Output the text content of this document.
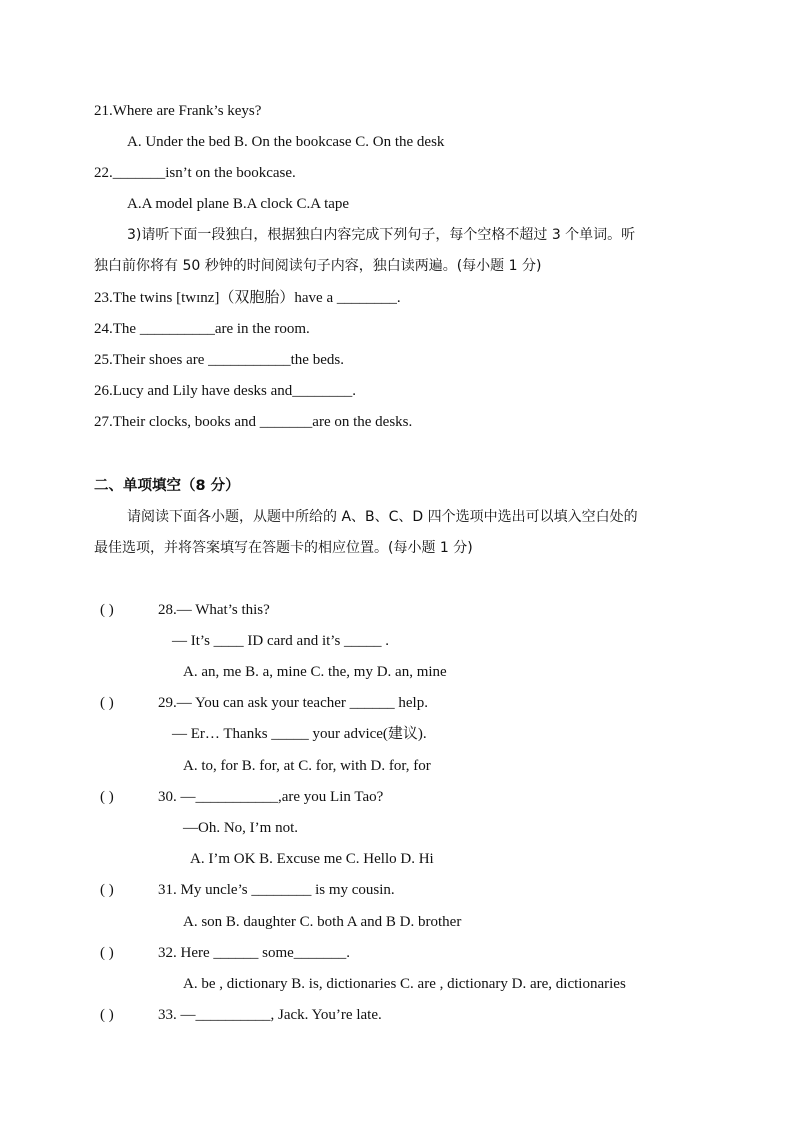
21.Where are Frank’s keys?
A. Under the bed B. On the bookcase C. On the desk
22._______isn’t on the bookcase.
A.A model plane B.A clock C.A tape
3)请听下面一段独白，根据独白内容完成下列句子，每个空格不超过 3 个单词。听
独白前你将有 50 秒钟的时间阅读句子内容，独白读两遍。(每小题 1 分)
23.The twins [twɪnz]（双胞胎）have a ________.
24.The __________are in the room.
25.Their shoes are ___________the beds.
26.Lucy and Lily have desks and________.
27.Their clocks, books and _______are on the desks.
二、单项填空（8 分）
请阅读下面各小题，从题中所给的 A、B、C、D 四个选项中选出可以填入空白处的
最佳选项，并将答案填写在答题卡的相应位置。(每小题 1 分)
( )	28.— What’s this?
— It’s ____ ID card and it’s _____ .
A. an, me B. a, mine C. the, my D. an, mine
( )	29.— You can ask your teacher ______ help.
— Er… Thanks _____ your advice(建议).
A. to, for B. for, at C. for, with D. for, for
( )	30. —___________,are you Lin Tao?
—Oh. No, I’m not.
A. I’m OK B. Excuse me C. Hello D. Hi
( )	31. My uncle’s ________ is my cousin.
A. son B. daughter C. both A and B D. brother
( )	32. Here ______ some_______.
A. be , dictionary B. is, dictionaries C. are , dictionary D. are, dictionaries
( )	33. —__________, Jack. You’re late.
